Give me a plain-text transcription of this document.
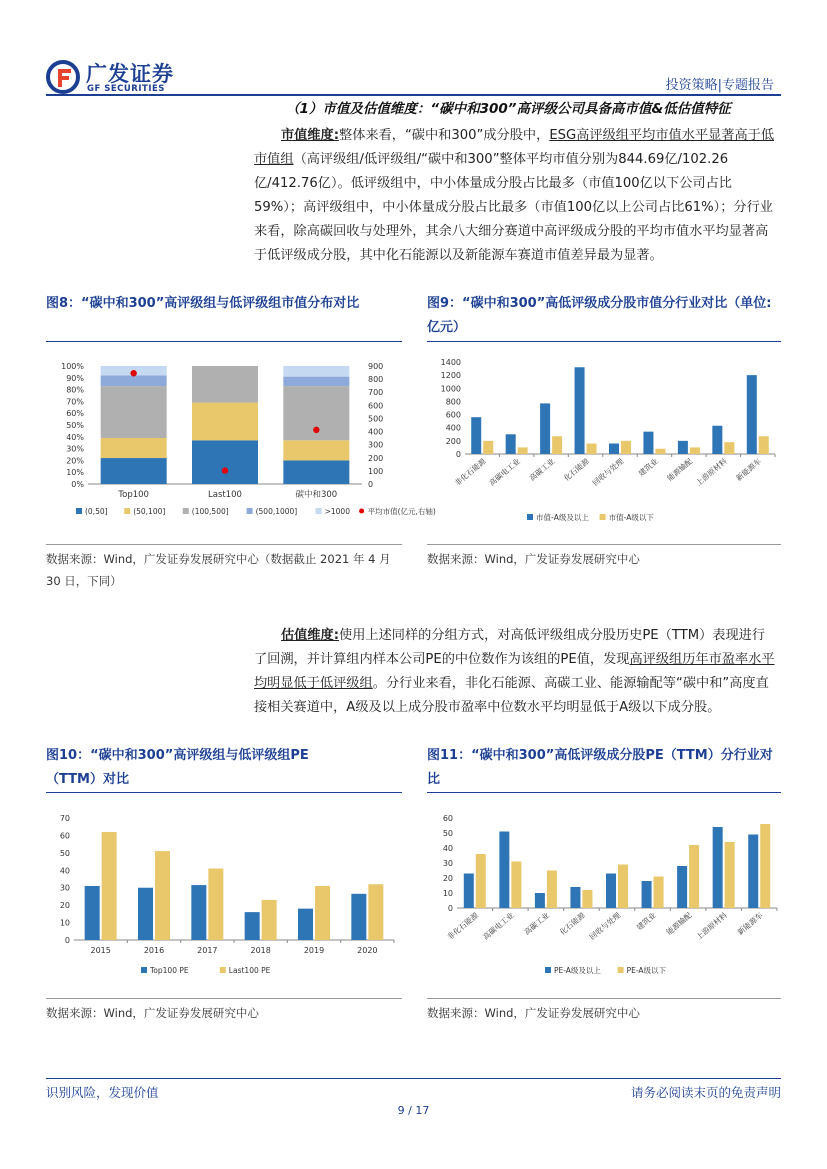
广发证券
GF SECURITIES	投资策略|专题报告
（1）市值及估值维度：“碳中和300”高评级公司具备高市值&低估值特征
市值维度:整体来看，“碳中和300”成分股中，ESG高评级组平均市值水平显著高于低市值组（高评级组/低评级组/“碳中和300”整体平均市值分别为844.69亿/102.26亿/412.76亿）。低评级组中，中小体量成分股占比最多（市值100亿以下公司占比59%）；高评级组中，中小体量成分股占比最多（市值100亿以上公司占比61%）；分行业来看，除高碳回收与处理外，其余八大细分赛道中高评级成分股的平均市值水平均显著高于低评级成分股，其中化石能源以及新能源车赛道市值差异最为显著。
图8：“碳中和300”高评级组与低评级组市值分布对比	图9：“碳中和300”高低评级成分股市值分行业对比（单位:亿元）
0%
10%
20%
30%
40%
50%
60%
70%
80%
90%
100%
0
100
200
300
400
500
600
700
800
900
Top100	Last100	碳中和300
(0,50]	(50,100]	(100,500]	(500,1000]	>1000 平均市值(亿元,右轴)
0
200
400
600
800
1000
1200
1400
非化石能源 高碳电工业 高碳工业 化石能源 回收与处理 建筑业 能源输配 上游原材料 新能源车
市值-A级及以上	市值-A级以下
数据来源：Wind，广发证券发展研究中心（数据截止 2021 年 4 月 30 日，下同）
数据来源：Wind，广发证券发展研究中心
估值维度:使用上述同样的分组方式，对高低评级组成分股历史PE（TTM）表现进行了回溯，并计算组内样本公司PE的中位数作为该组的PE值，发现高评级组历年市盈率水平均明显低于低评级组。分行业来看，非化石能源、高碳工业、能源输配等“碳中和”高度直接相关赛道中，A级及以上成分股市盈率中位数水平均明显低于A级以下成分股。
图10：“碳中和300”高评级组与低评级组PE（TTM）对比
图11：“碳中和300”高低评级成分股PE（TTM）分行业对比
0
10
20
30
40
50
60
70
2015	2016	2017	2018	2019	2020
Top100 PE	Last100 PE
0
10
20
30
40
50
60
非化石能源 高碳电工业 高碳工业 化石能源 回收与处理 建筑业 能源输配 上游原材料 新能源车
PE-A级及以上	PE-A级以下
数据来源：Wind，广发证券发展研究中心	数据来源：Wind，广发证券发展研究中心
识别风险，发现价值	请务必阅读末页的免责声明
9 / 17
